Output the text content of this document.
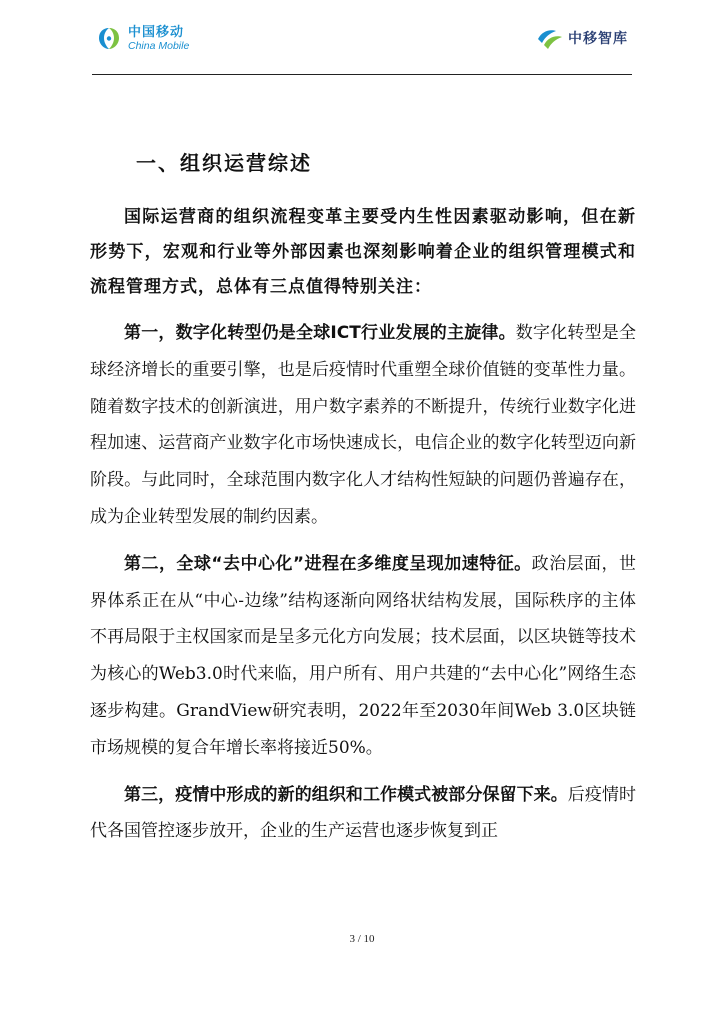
中国移动
China Mobile	中移智库
一、组织运营综述

国际运营商的组织流程变革主要受内生性因素驱动影响，但在新形势下，宏观和行业等外部因素也深刻影响着企业的组织管理模式和流程管理方式，总体有三点值得特别关注：

第一，数字化转型仍是全球ICT行业发展的主旋律。数字化转型是全球经济增长的重要引擎，也是后疫情时代重塑全球价值链的变革性力量。随着数字技术的创新演进，用户数字素养的不断提升，传统行业数字化进程加速、运营商产业数字化市场快速成长，电信企业的数字化转型迈向新阶段。与此同时，全球范围内数字化人才结构性短缺的问题仍普遍存在，成为企业转型发展的制约因素。

第二，全球“去中心化”进程在多维度呈现加速特征。政治层面，世界体系正在从“中心-边缘”结构逐渐向网络状结构发展，国际秩序的主体不再局限于主权国家而是呈多元化方向发展；技术层面，以区块链等技术为核心的Web3.0时代来临，用户所有、用户共建的“去中心化”网络生态逐步构建。GrandView研究表明，2022年至2030年间Web 3.0区块链市场规模的复合年增长率将接近50%。

第三，疫情中形成的新的组织和工作模式被部分保留下来。后疫情时代各国管控逐步放开，企业的生产运营也逐步恢复到正

3 / 10
